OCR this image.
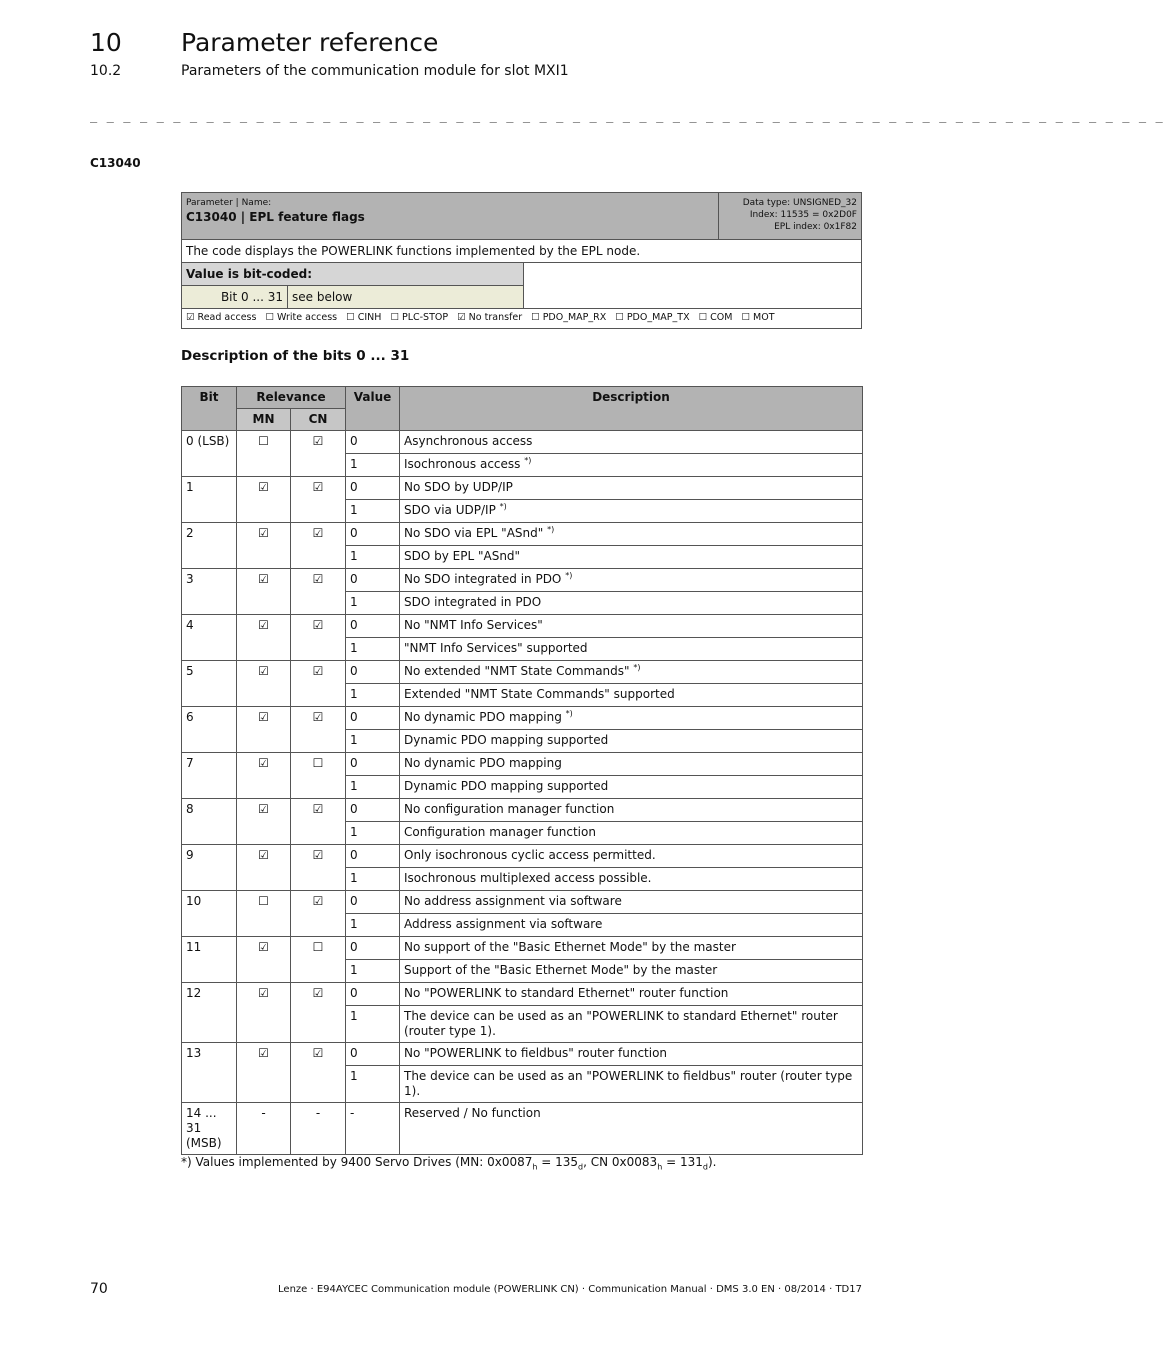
10 Parameter reference
10.2	Parameters of the communication module for slot MXI1
_ _ _ _ _ _ _ _ _ _ _ _ _ _ _ _ _ _ _ _ _ _ _ _ _ _ _ _ _ _ _ _ _ _ _ _ _ _ _ _ _ _ _ _ _ _ _ _ _ _ _ _ _ _ _ _ _ _ _ _ _ _ _ _ _
C13040
Parameter | Name:
C13040 | EPL feature flags
Data type: UNSIGNED_32
Index: 11535 = 0x2D0F
EPL index: 0x1F82
The code displays the POWERLINK functions implemented by the EPL node.
Value is bit-coded:
Bit 0 ... 31 see below
☑ Read access ☐ Write access ☐ CINH ☐ PLC-STOP ☑ No transfer ☐ PDO_MAP_RX ☐ PDO_MAP_TX ☐ COM ☐ MOT
Description of the bits 0 ... 31
Bit	Relevance		Value	Description
	MN	CN		
0 (LSB)	☐	☑	0	Asynchronous access
			1	Isochronous access *)
1	☑	☑	0	No SDO by UDP/IP
			1	SDO via UDP/IP *)
2	☑	☑	0	No SDO via EPL "ASnd" *)
			1	SDO by EPL "ASnd"
3	☑	☑	0	No SDO integrated in PDO *)
			1	SDO integrated in PDO
4	☑	☑	0	No "NMT Info Services"
			1	"NMT Info Services" supported
5	☑	☑	0	No extended "NMT State Commands" *)
			1	Extended "NMT State Commands" supported
6	☑	☑	0	No dynamic PDO mapping *)
			1	Dynamic PDO mapping supported
7	☑	☐	0	No dynamic PDO mapping
			1	Dynamic PDO mapping supported
8	☑	☑	0	No configuration manager function
			1	Configuration manager function
9	☑	☑	0	Only isochronous cyclic access permitted.
			1	Isochronous multiplexed access possible.
10	☐	☑	0	No address assignment via software
			1	Address assignment via software
11	☑	☐	0	No support of the "Basic Ethernet Mode" by the master
			1	Support of the "Basic Ethernet Mode" by the master
12	☑	☑	0	No "POWERLINK to standard Ethernet" router function
			1	The device can be used as an "POWERLINK to standard Ethernet" router (router type 1).
13	☑	☑	0	No "POWERLINK to fieldbus" router function
			1	The device can be used as an "POWERLINK to fieldbus" router (router type 1).

14 ... 31
(MSB)	-	-	-	Reserved / No function
*) Values implemented by 9400 Servo Drives (MN: $0x0087_h = 135_d$, CN $0x0083_h = 131_d$).
70	Lenze · E94AYCEC Communication module (POWERLINK CN) · Communication Manual · DMS 3.0 EN · 08/2014 · TD17
